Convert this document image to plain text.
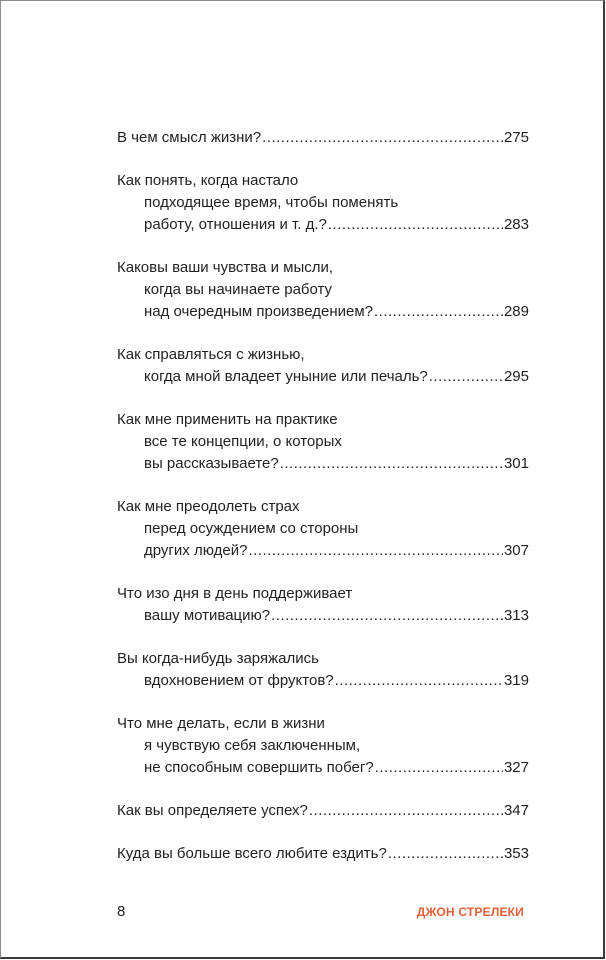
В чем смысл жизни? .....	275
Как понять, когда настало
подходящее время, чтобы поменять
работу, отношения и т. д.? .....	283
Каковы ваши чувства и мысли,
когда вы начинаете работу
над очередным произведением? .....	289
Как справляться с жизнью,
когда мной владеет уныние или печаль? .....	295
Как мне применить на практике
все те концепции, о которых
вы рассказываете? .....	301
Как мне преодолеть страх
перед осуждением со стороны
других людей? .....	307
Что изо дня в день поддерживает
вашу мотивацию? .....	313
Вы когда-нибудь заряжались
вдохновением от фруктов? .....	319
Что мне делать, если в жизни
я чувствую себя заключенным,
не способным совершить побег? .....	327
Как вы определяете успех? .....	347
Куда вы больше всего любите ездить? .....	353
8	ДЖОН СТРЕЛЕКИ
